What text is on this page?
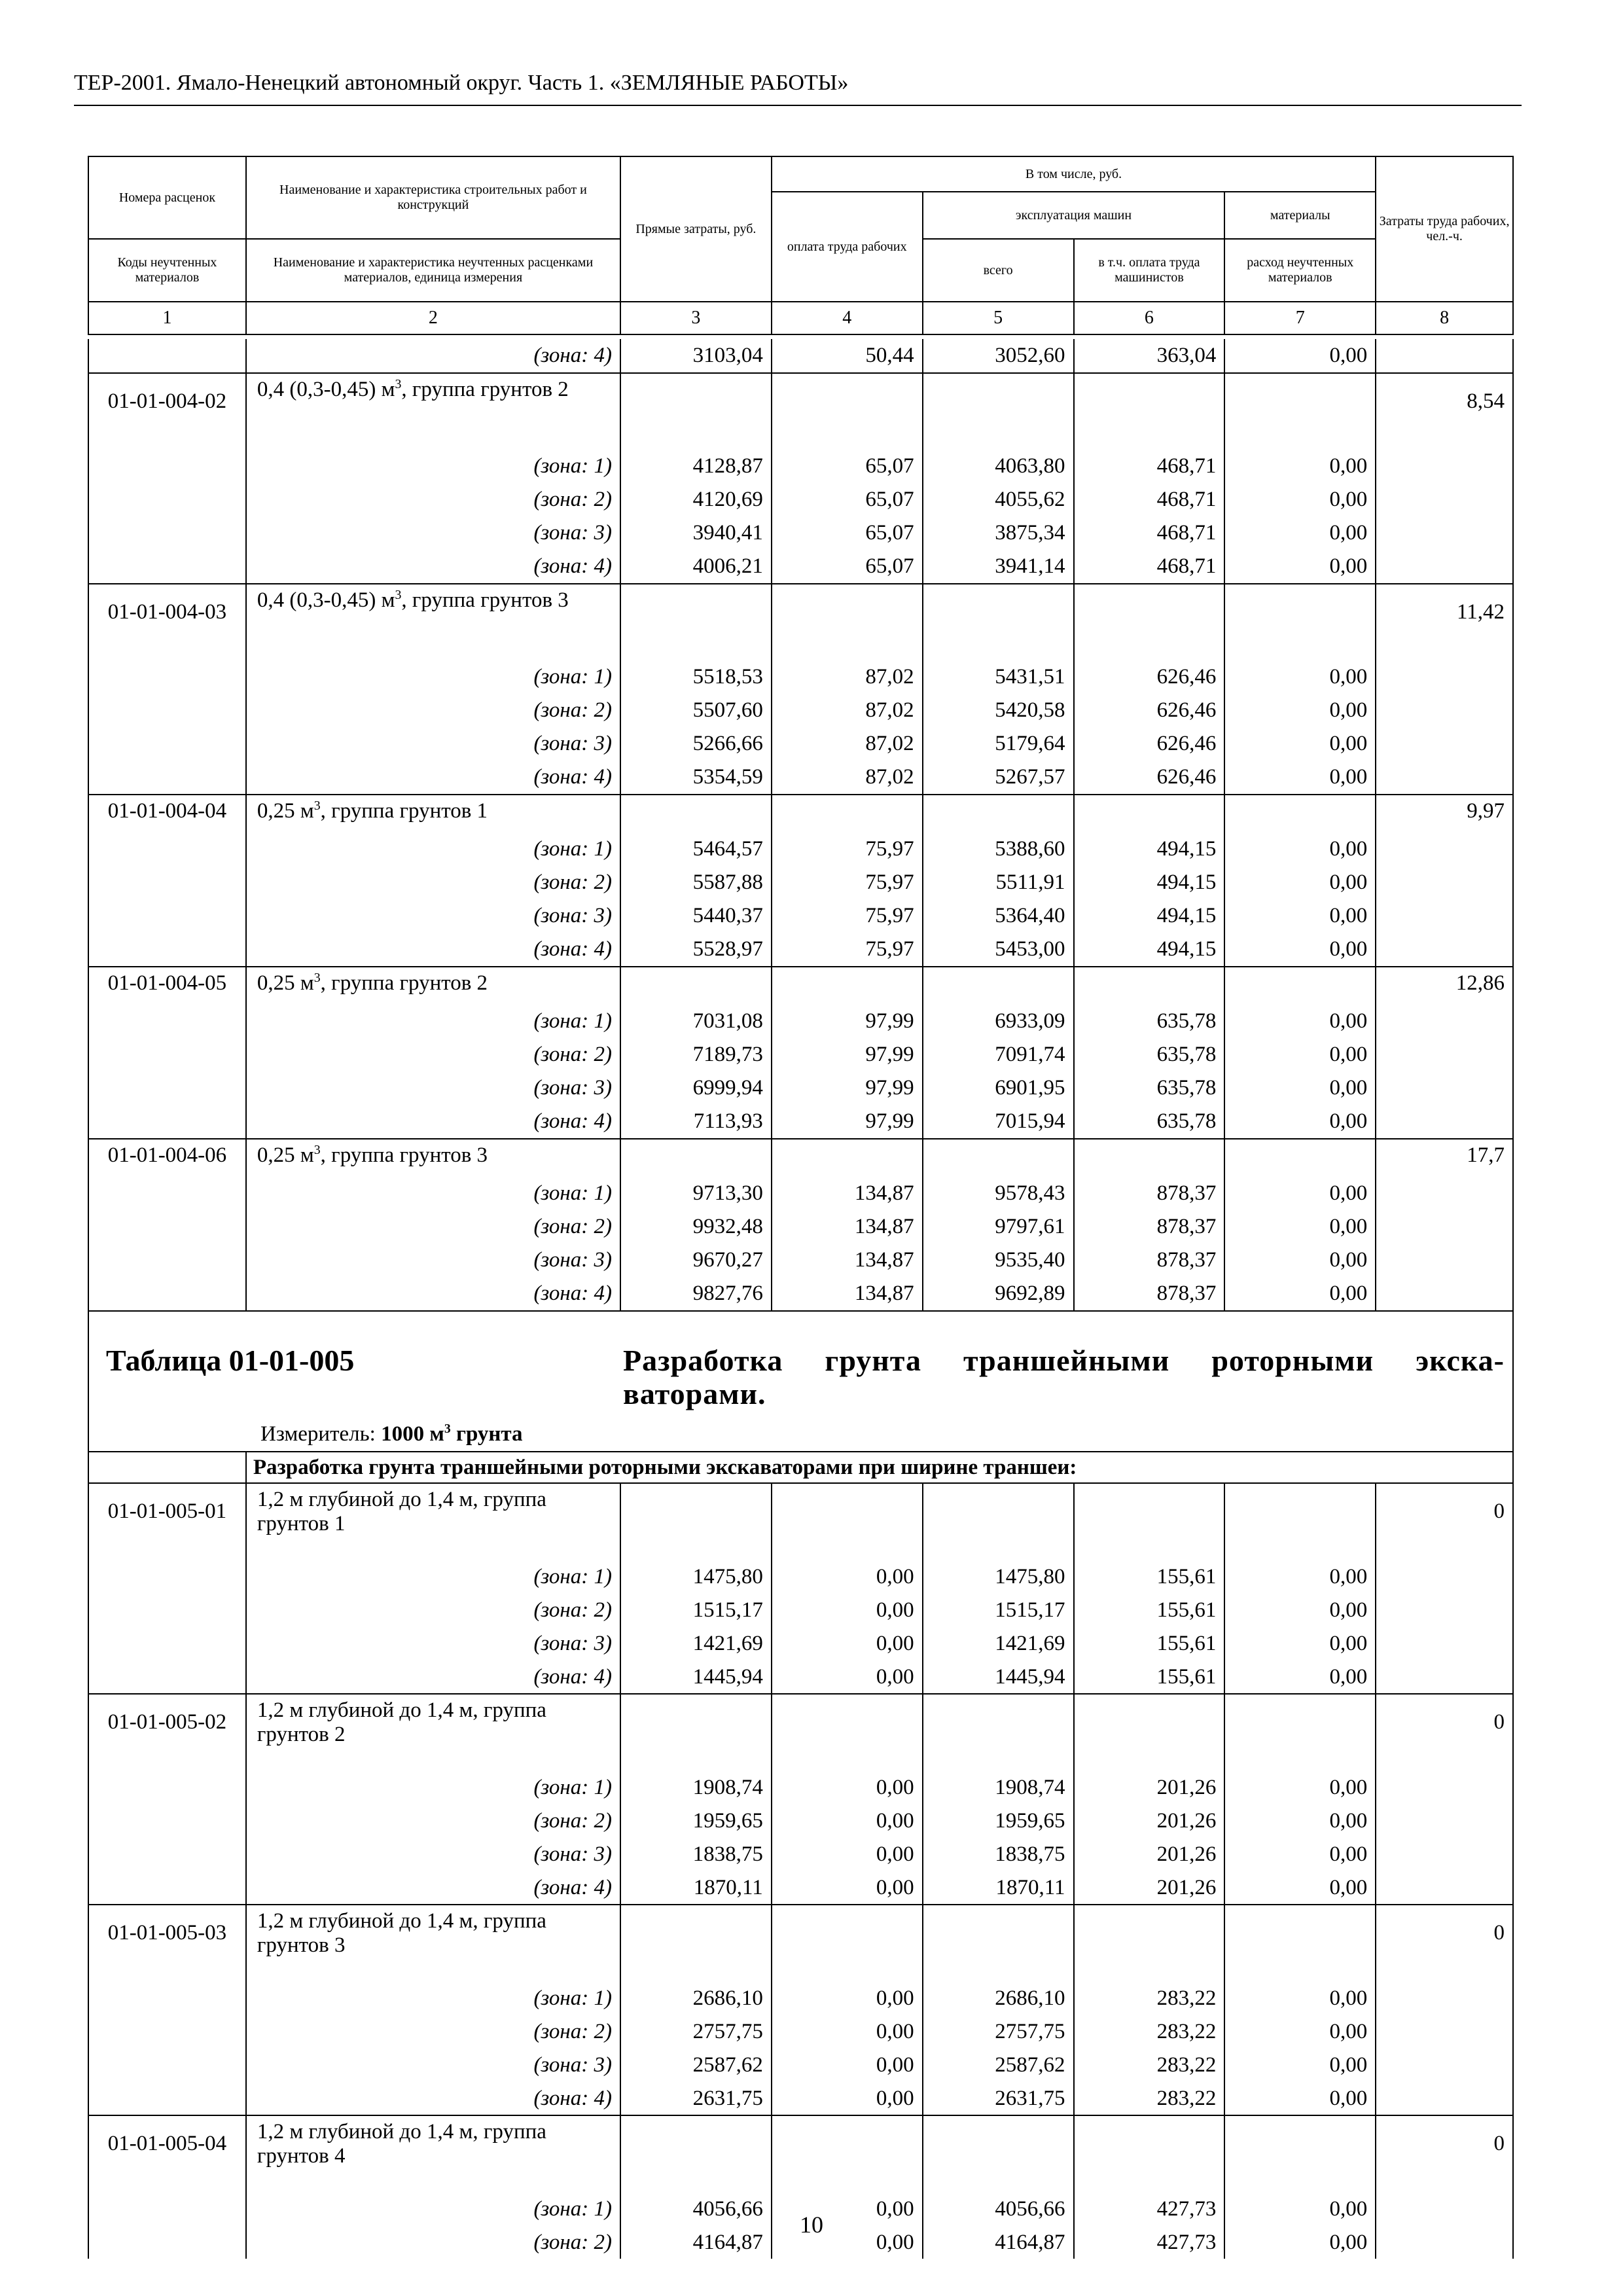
ТЕР-2001. Ямало-Ненецкий автономный округ. Часть 1. «ЗЕМЛЯНЫЕ РАБОТЫ»
Номера расценок	Наименование и характеристика строительных работ и конструкций	Прямые затраты, руб.	В том числе, руб.				Затраты труда рабочих, чел.-ч.
			оплата труда рабочих	эксплуатация машин		материалы	
Коды неучтенных материалов	Наименование и характеристика неучтенных расценками материалов, единица измерения			всего	в т.ч. оплата труда машинистов	расход неучтенных материалов	
1	2	3	4	5	6	7	8
	(зона: 4)	3103,04	50,44	3052,60	363,04	0,00	
01-01-004-02	0,4 (0,3-0,45) $м^3$, группа грунтов 2						8,54
	(зона: 1)	4128,87	65,07	4063,80	468,71	0,00	
	(зона: 2)	4120,69	65,07	4055,62	468,71	0,00	
	(зона: 3)	3940,41	65,07	3875,34	468,71	0,00	
	(зона: 4)	4006,21	65,07	3941,14	468,71	0,00	
01-01-004-03	0,4 (0,3-0,45) $м^3$, группа грунтов 3						11,42
	(зона: 1)	5518,53	87,02	5431,51	626,46	0,00	
	(зона: 2)	5507,60	87,02	5420,58	626,46	0,00	
	(зона: 3)	5266,66	87,02	5179,64	626,46	0,00	
	(зона: 4)	5354,59	87,02	5267,57	626,46	0,00	
01-01-004-04	0,25 $м^3$, группа грунтов 1						9,97
	(зона: 1)	5464,57	75,97	5388,60	494,15	0,00	
	(зона: 2)	5587,88	75,97	5511,91	494,15	0,00	
	(зона: 3)	5440,37	75,97	5364,40	494,15	0,00	
	(зона: 4)	5528,97	75,97	5453,00	494,15	0,00	
01-01-004-05	0,25 $м^3$, группа грунтов 2						12,86
	(зона: 1)	7031,08	97,99	6933,09	635,78	0,00	
	(зона: 2)	7189,73	97,99	7091,74	635,78	0,00	
	(зона: 3)	6999,94	97,99	6901,95	635,78	0,00	
	(зона: 4)	7113,93	97,99	7015,94	635,78	0,00	
01-01-004-06	0,25 $м^3$, группа грунтов 3						17,7
	(зона: 1)	9713,30	134,87	9578,43	878,37	0,00	
	(зона: 2)	9932,48	134,87	9797,61	878,37	0,00	
	(зона: 3)	9670,27	134,87	9535,40	878,37	0,00	
	(зона: 4)	9827,76	134,87	9692,89	878,37	0,00	

Таблица 01-01-005 Разработка грунта траншейными роторными экска-ваторами.
Измеритель: 1000 $м^3$ грунта							

	Разработка грунта траншейными роторными экскаваторами при ширине траншеи:						
01-01-005-01	1,2 м глубиной до 1,4 м, группа грунтов 1						0
	(зона: 1)	1475,80	0,00	1475,80	155,61	0,00	
	(зона: 2)	1515,17	0,00	1515,17	155,61	0,00	
	(зона: 3)	1421,69	0,00	1421,69	155,61	0,00	
	(зона: 4)	1445,94	0,00	1445,94	155,61	0,00	
01-01-005-02	1,2 м глубиной до 1,4 м, группа грунтов 2						0
	(зона: 1)	1908,74	0,00	1908,74	201,26	0,00	
	(зона: 2)	1959,65	0,00	1959,65	201,26	0,00	
	(зона: 3)	1838,75	0,00	1838,75	201,26	0,00	
	(зона: 4)	1870,11	0,00	1870,11	201,26	0,00	
01-01-005-03	1,2 м глубиной до 1,4 м, группа грунтов 3						0
	(зона: 1)	2686,10	0,00	2686,10	283,22	0,00	
	(зона: 2)	2757,75	0,00	2757,75	283,22	0,00	
	(зона: 3)	2587,62	0,00	2587,62	283,22	0,00	
	(зона: 4)	2631,75	0,00	2631,75	283,22	0,00	
01-01-005-04	1,2 м глубиной до 1,4 м, группа грунтов 4						0
	(зона: 1)	4056,66	0,00	4056,66	427,73	0,00	
	(зона: 2)	4164,87	0,00	4164,87	427,73	0,00	
10
